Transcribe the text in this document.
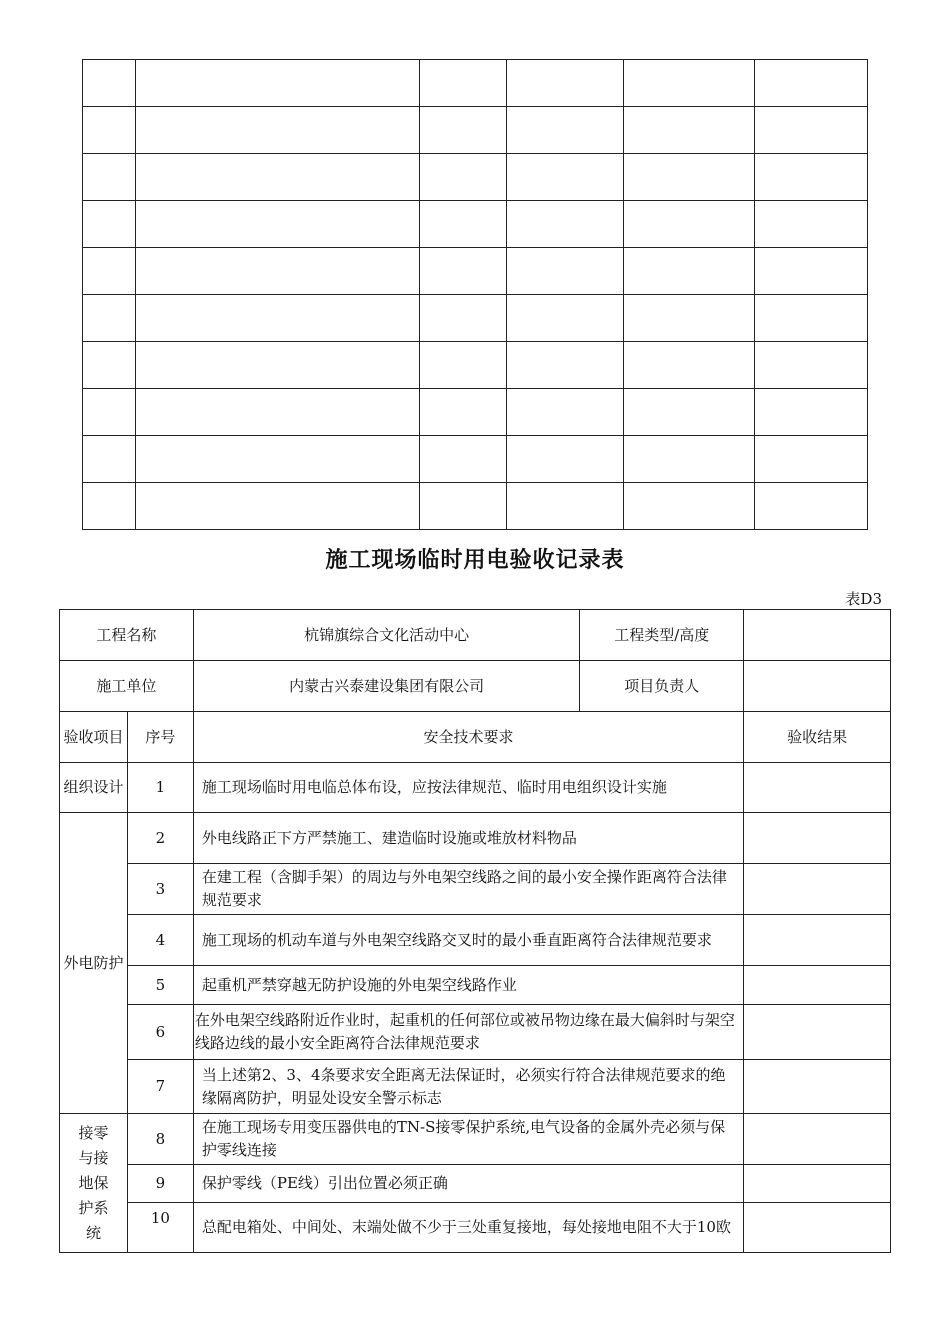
施工现场临时用电验收记录表
表D3
工程名称		杭锦旗综合文化活动中心	工程类型/高度	
施工单位		内蒙古兴泰建设集团有限公司	项目负责人	
验收项目	序号	安全技术要求		验收结果
组织设计	1	施工现场临时用电临总体布设，应按法律规范、临时用电组织设计实施		
外电防护	2	外电线路正下方严禁施工、建造临时设施或堆放材料物品		
	3	在建工程（含脚手架）的周边与外电架空线路之间的最小安全操作距离符合法律规范要求		
	4	施工现场的机动车道与外电架空线路交叉时的最小垂直距离符合法律规范要求		
	5	起重机严禁穿越无防护设施的外电架空线路作业		
	6	在外电架空线路附近作业时，起重机的任何部位或被吊物边缘在最大偏斜时与架空线路边线的最小安全距离符合法律规范要求		
	7	当上述第2、3、4条要求安全距离无法保证时，必须实行符合法律规范要求的绝缘隔离防护，明显处设安全警示标志		
接零与接地保护系统	8	在施工现场专用变压器供电的TN-S接零保护系统,电气设备的金属外壳必须与保护零线连接		
	9	保护零线（PE线）引出位置必须正确		
	10	总配电箱处、中间处、末端处做不少于三处重复接地，每处接地电阻不大于10欧		
